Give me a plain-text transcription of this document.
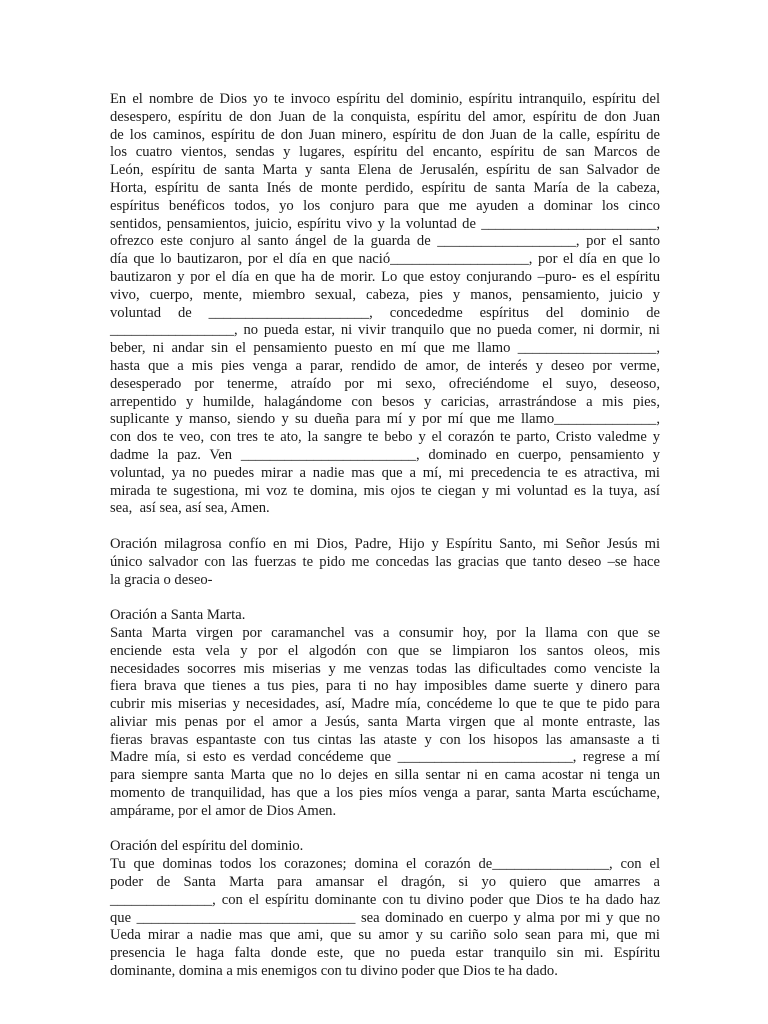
En el nombre de Dios yo te invoco espíritu del dominio, espíritu intranquilo, espíritu del
desespero, espíritu de don Juan de la conquista, espíritu del amor, espíritu de don Juan
de los caminos, espíritu de don Juan minero, espíritu de don Juan de la calle, espíritu de
los cuatro vientos, sendas y lugares, espíritu del encanto, espíritu de san Marcos de
León, espíritu de santa Marta y santa Elena de Jerusalén, espíritu de san Salvador de
Horta, espíritu de santa Inés de monte perdido, espíritu de santa María de la cabeza,
espíritus benéficos todos, yo los conjuro para que me ayuden a dominar los cinco
sentidos, pensamientos, juicio, espíritu vivo y la voluntad de ________________________,
ofrezco este conjuro al santo ángel de la guarda de ___________________, por el santo
día que lo bautizaron, por el día en que nació___________________, por el día en que lo
bautizaron y por el día en que ha de morir. Lo que estoy conjurando –puro- es el espíritu
vivo, cuerpo, mente, miembro sexual, cabeza, pies y manos, pensamiento, juicio y
voluntad de ______________________, concededme espíritus del dominio de
_________________, no pueda estar, ni vivir tranquilo que no pueda comer, ni dormir, ni
beber, ni andar sin el pensamiento puesto en mí que me llamo ___________________,
hasta que a mis pies venga a parar, rendido de amor, de interés y deseo por verme,
desesperado por tenerme, atraído por mi sexo, ofreciéndome el suyo, deseoso,
arrepentido y humilde, halagándome con besos y caricias, arrastrándose a mis pies,
suplicante y manso, siendo y su dueña para mí y por mí que me llamo______________,
con dos te veo, con tres te ato, la sangre te bebo y el corazón te parto, Cristo valedme y
dadme la paz. Ven ________________________, dominado en cuerpo, pensamiento y
voluntad, ya no puedes mirar a nadie mas que a mí, mi precedencia te es atractiva, mi
mirada te sugestiona, mi voz te domina, mis ojos te ciegan y mi voluntad es la tuya, así
sea,  así sea, así sea, Amen.
Oración milagrosa confío en mi Dios, Padre, Hijo y Espíritu Santo, mi Señor Jesús mi
único salvador con las fuerzas te pido me concedas las gracias que tanto deseo –se hace
la gracia o deseo-
Oración a Santa Marta.
Santa Marta virgen por caramanchel vas a consumir hoy, por la llama con que se
enciende esta vela y por el algodón con que se limpiaron los santos oleos, mis
necesidades socorres mis miserias y me venzas todas las dificultades como venciste la
fiera brava que tienes a tus pies, para ti no hay imposibles dame suerte y dinero para
cubrir mis miserias y necesidades, así, Madre mía, concédeme lo que te que te pido para
aliviar mis penas por el amor a Jesús, santa Marta virgen que al monte entraste, las
fieras bravas espantaste con tus cintas las ataste y con los hisopos las amansaste a ti
Madre mía, si esto es verdad concédeme que ________________________, regrese a mí
para siempre santa Marta que no lo dejes en silla sentar ni en cama acostar ni tenga un
momento de tranquilidad, has que a los pies míos venga a parar, santa Marta escúchame,
ampárame, por el amor de Dios Amen.
Oración del espíritu del dominio.
Tu que dominas todos los corazones; domina el corazón de________________, con el
poder de Santa Marta para amansar el dragón, si yo quiero que amarres a
______________, con el espíritu dominante con tu divino poder que Dios te ha dado haz
que ______________________________ sea dominado en cuerpo y alma por mi y que no
Ueda mirar a nadie mas que ami, que su amor y su cariño solo sean para mi, que mi
presencia le haga falta donde este, que no pueda estar tranquilo sin mi. Espíritu
dominante, domina a mis enemigos con tu divino poder que Dios te ha dado.
